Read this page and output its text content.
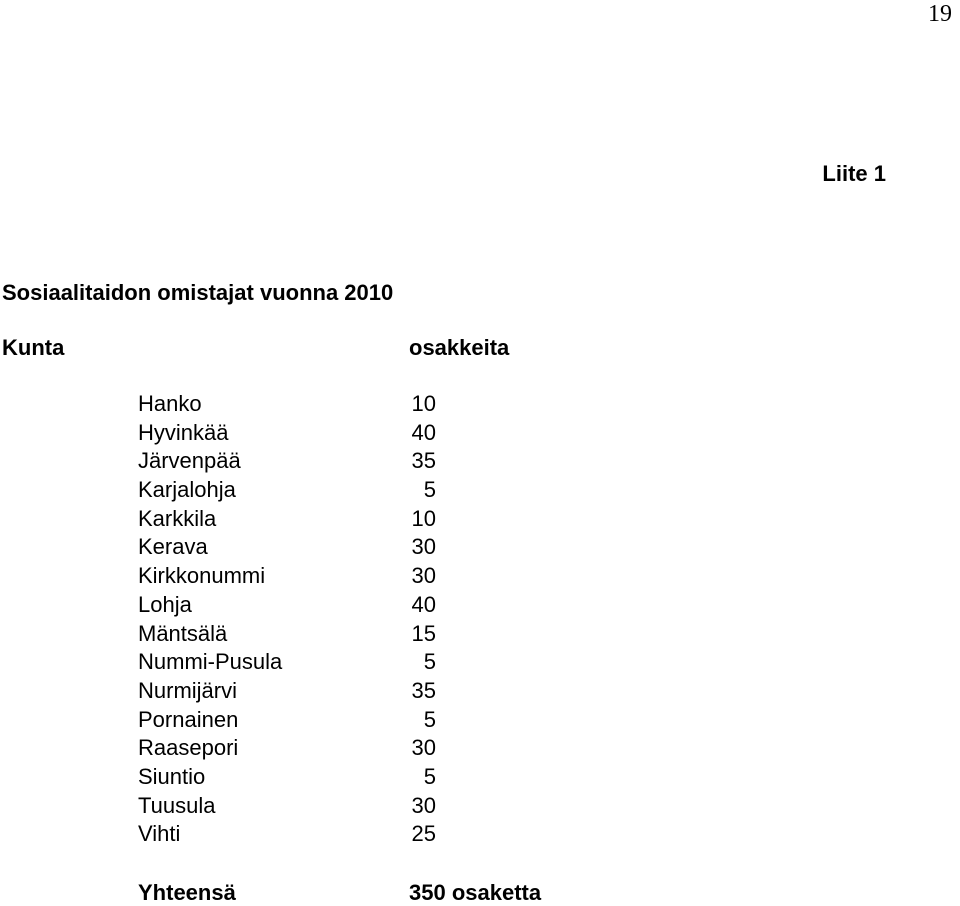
19
Liite 1
Sosiaalitaidon omistajat vuonna 2010
Kunta	osakkeita
Hanko	10
Hyvinkää	40
Järvenpää	35
Karjalohja	5
Karkkila	10
Kerava	30
Kirkkonummi	30
Lohja	40
Mäntsälä	15
Nummi-Pusula	5
Nurmijärvi	35
Pornainen	5
Raasepori	30
Siuntio	5
Tuusula	30
Vihti	25
Yhteensä	350 osaketta
